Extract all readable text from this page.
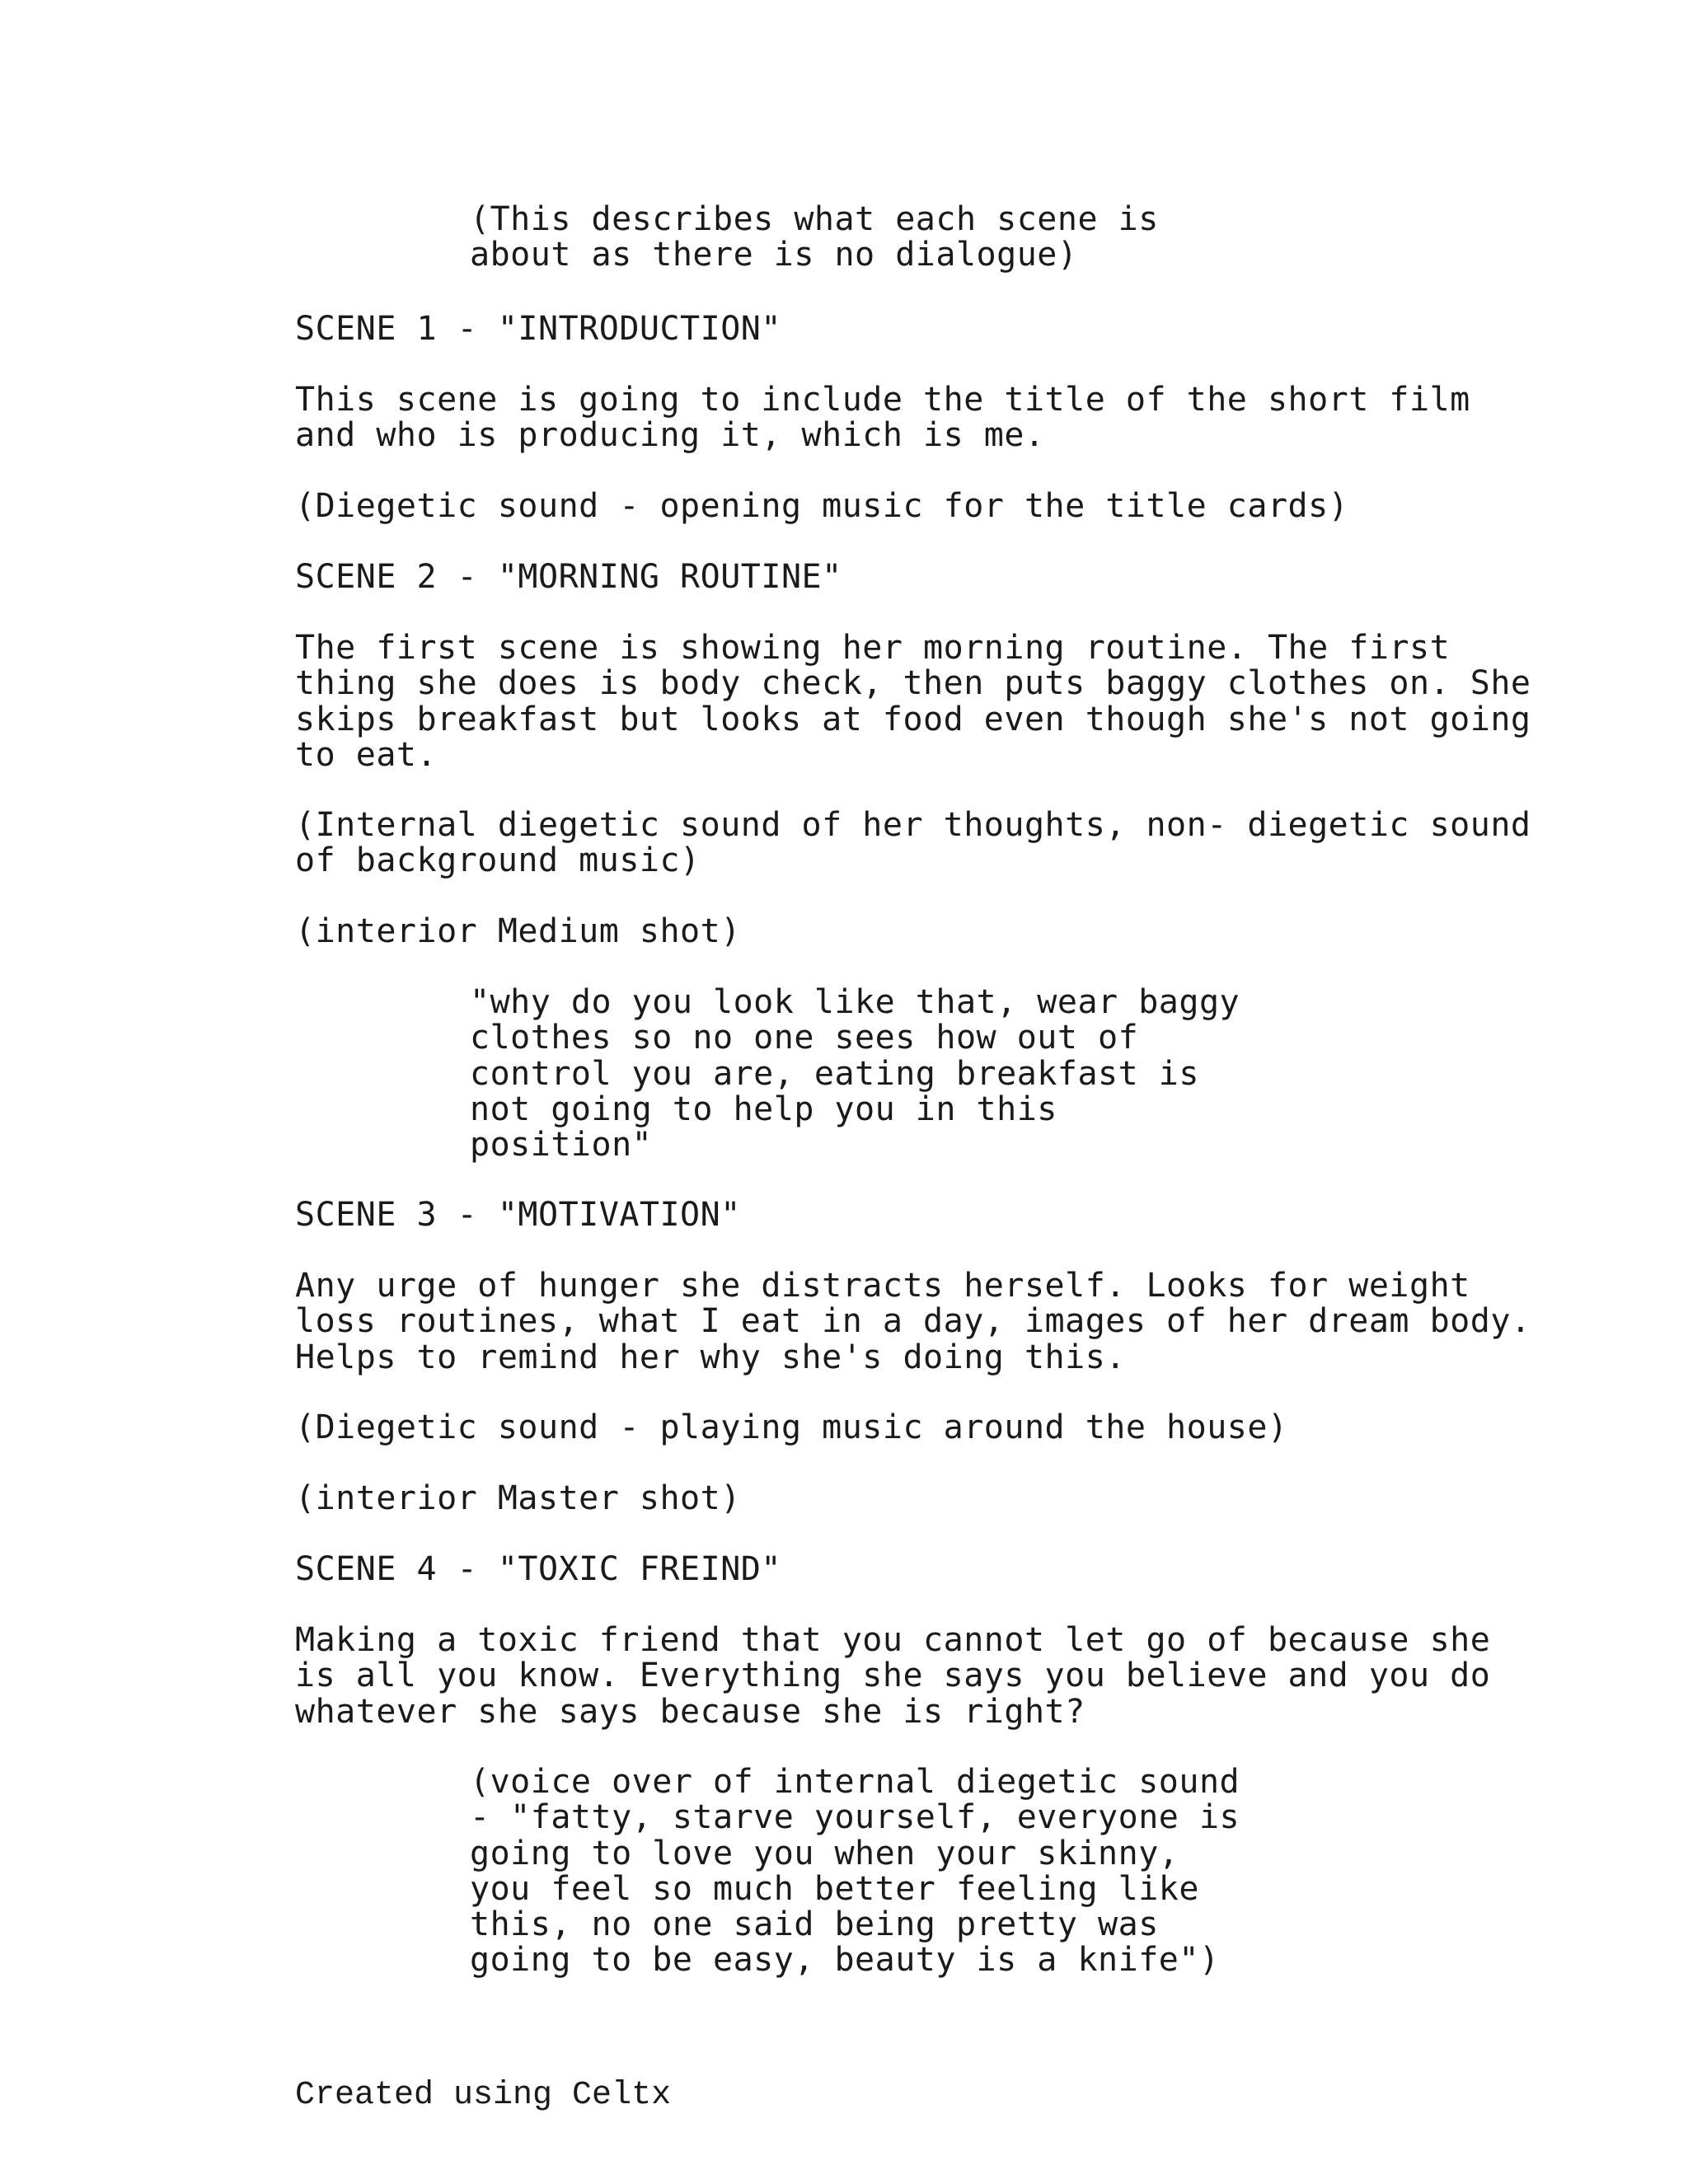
(This describes what each scene is
about as there is no dialogue)
SCENE 1 - "INTRODUCTION"
This scene is going to include the title of the short film
and who is producing it, which is me.
(Diegetic sound - opening music for the title cards)
SCENE 2 - "MORNING ROUTINE"
The first scene is showing her morning routine. The first
thing she does is body check, then puts baggy clothes on. She
skips breakfast but looks at food even though she's not going
to eat.
(Internal diegetic sound of her thoughts, non- diegetic sound
of background music)
(interior Medium shot)
"why do you look like that, wear baggy
clothes so no one sees how out of
control you are, eating breakfast is
not going to help you in this
position"
SCENE 3 - "MOTIVATION"
Any urge of hunger she distracts herself. Looks for weight
loss routines, what I eat in a day, images of her dream body.
Helps to remind her why she's doing this.
(Diegetic sound - playing music around the house)
(interior Master shot)
SCENE 4 - "TOXIC FREIND"
Making a toxic friend that you cannot let go of because she
is all you know. Everything she says you believe and you do
whatever she says because she is right?
(voice over of internal diegetic sound
- "fatty, starve yourself, everyone is
going to love you when your skinny,
you feel so much better feeling like
this, no one said being pretty was
going to be easy, beauty is a knife")
Created using Celtx
